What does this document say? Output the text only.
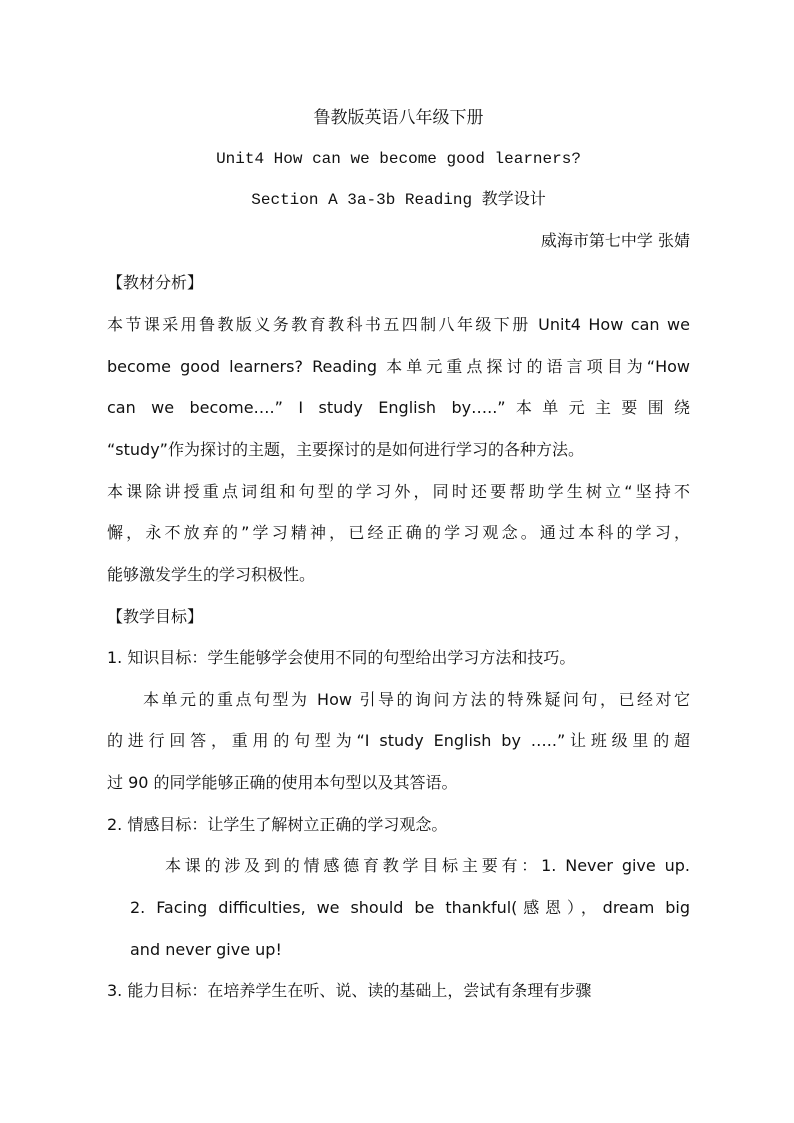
鲁教版英语八年级下册
Unit4 How can we become good learners?
Section A 3a-3b Reading 教学设计
威海市第七中学 张婧
【教材分析】
本节课采用鲁教版义务教育教科书五四制八年级下册 Unit4 How can we
become good learners? Reading 本单元重点探讨的语言项目为“How
can we become….” I study English by…..”本单元主要围绕
“study”作为探讨的主题，主要探讨的是如何进行学习的各种方法。
本课除讲授重点词组和句型的学习外，同时还要帮助学生树立“坚持不
懈，永不放弃的”学习精神，已经正确的学习观念。通过本科的学习，
能够激发学生的学习积极性。
【教学目标】
1. 知识目标：学生能够学会使用不同的句型给出学习方法和技巧。
本单元的重点句型为 How 引导的询问方法的特殊疑问句，已经对它
的进行回答，重用的句型为“I study English by …..”让班级里的超
过 90 的同学能够正确的使用本句型以及其答语。
2. 情感目标：让学生了解树立正确的学习观念。
本课的涉及到的情感德育教学目标主要有：1. Never give up.
2. Facing difficulties, we should be thankful(感恩），dream big
and never give up!
3. 能力目标：在培养学生在听、说、读的基础上，尝试有条理有步骤
